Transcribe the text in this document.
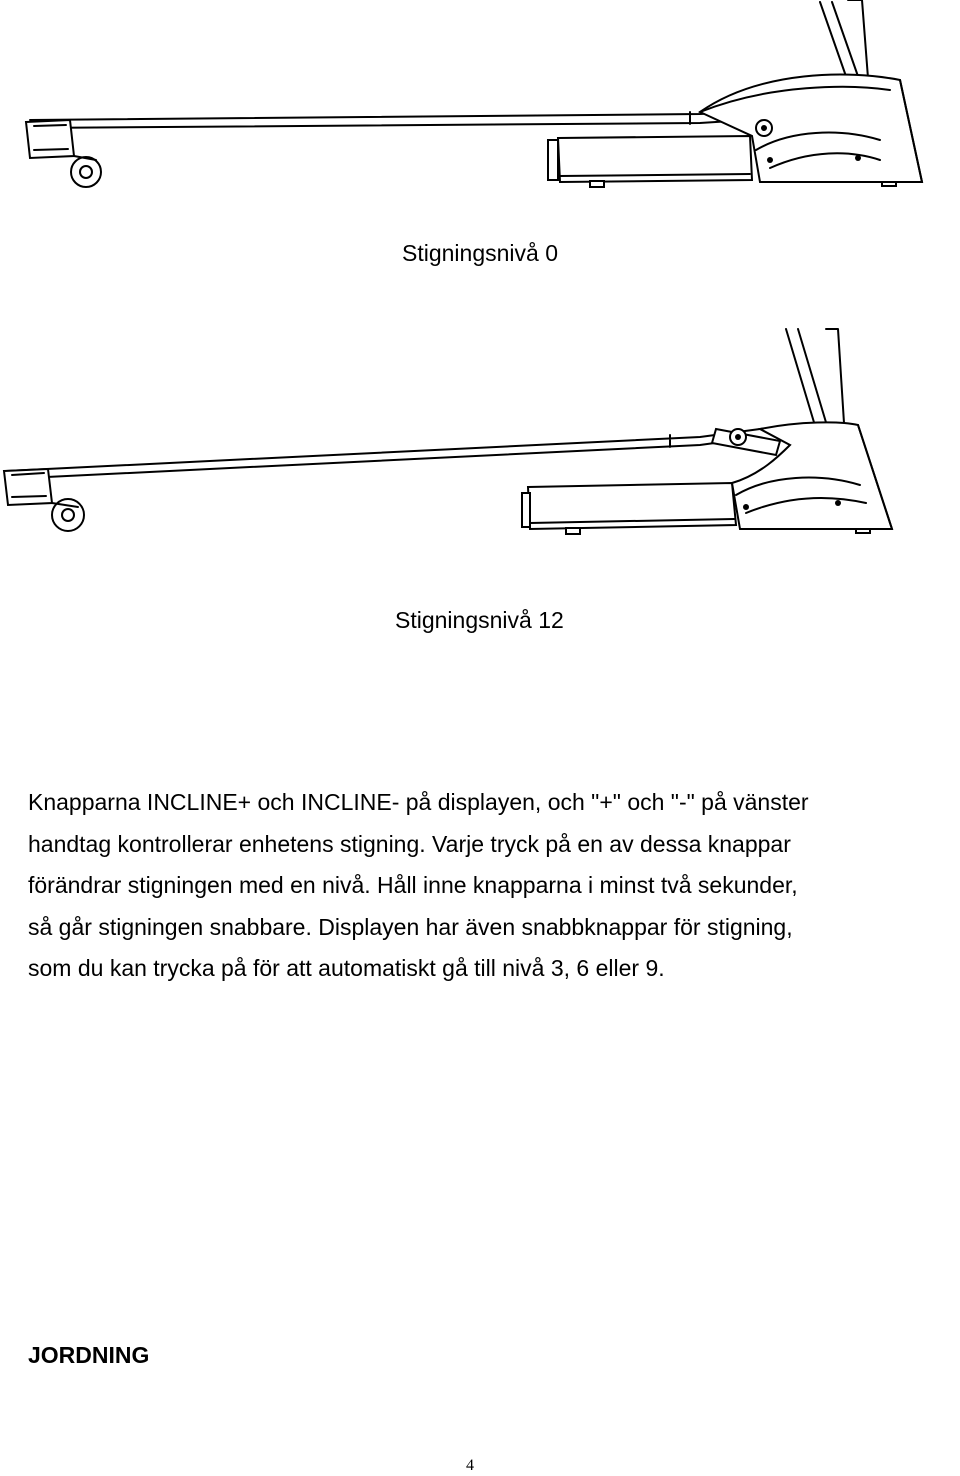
Stigningsnivå 0
Stigningsnivå 12

Knapparna INCLINE+ och INCLINE- på displayen, och "+" och "-" på vänster

handtag kontrollerar enhetens stigning. Varje tryck på en av dessa knappar

förändrar stigningen med en nivå. Håll inne knapparna i minst två sekunder,

så går stigningen snabbare. Displayen har även snabbknappar för stigning,

som du kan trycka på för att automatiskt gå till nivå 3, 6 eller 9.

JORDNING
4
